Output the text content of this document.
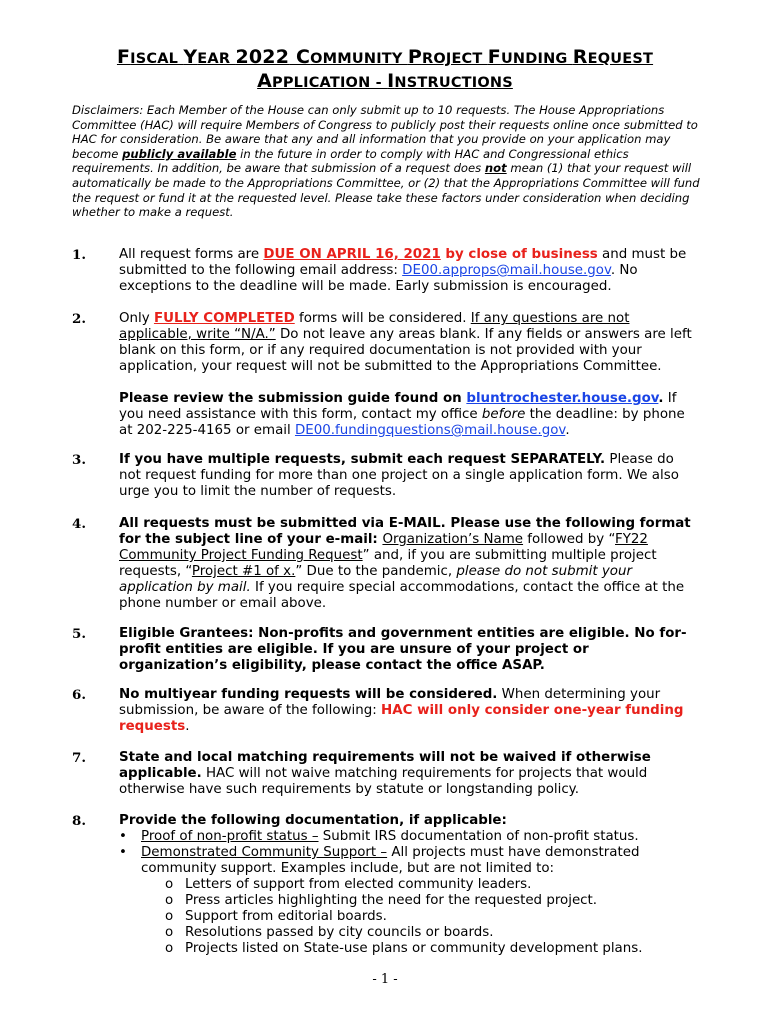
FISCAL YEAR 2022 COMMUNITY PROJECT FUNDING REQUEST
APPLICATION - INSTRUCTIONS
Disclaimers: Each Member of the House can only submit up to 10 requests. The House Appropriations Committee (HAC) will require Members of Congress to publicly post their requests online once submitted to HAC for consideration. Be aware that any and all information that you provide on your application may become publicly available in the future in order to comply with HAC and Congressional ethics requirements. In addition, be aware that submission of a request does not mean (1) that your request will automatically be made to the Appropriations Committee, or (2) that the Appropriations Committee will fund the request or fund it at the requested level. Please take these factors under consideration when deciding whether to make a request.
1. All request forms are DUE ON APRIL 16, 2021 by close of business and must be submitted to the following email address: DE00.approps@mail.house.gov. No exceptions to the deadline will be made. Early submission is encouraged.
2. Only FULLY COMPLETED forms will be considered. If any questions are not applicable, write “N/A.” Do not leave any areas blank. If any fields or answers are left blank on this form, or if any required documentation is not provided with your application, your request will not be submitted to the Appropriations Committee.
Please review the submission guide found on bluntrochester.house.gov. If you need assistance with this form, contact my office before the deadline: by phone at 202-225-4165 or email DE00.fundingquestions@mail.house.gov.
3. If you have multiple requests, submit each request SEPARATELY. Please do not request funding for more than one project on a single application form. We also urge you to limit the number of requests.
4. All requests must be submitted via E-MAIL. Please use the following format for the subject line of your e-mail: Organization’s Name followed by “FY22 Community Project Funding Request” and, if you are submitting multiple project requests, “Project #1 of x.” Due to the pandemic, please do not submit your application by mail. If you require special accommodations, contact the office at the phone number or email above.
5. Eligible Grantees: Non-profits and government entities are eligible. No for-profit entities are eligible. If you are unsure of your project or organization’s eligibility, please contact the office ASAP.
6. No multiyear funding requests will be considered. When determining your submission, be aware of the following: HAC will only consider one-year funding requests.
7. State and local matching requirements will not be waived if otherwise applicable. HAC will not waive matching requirements for projects that would otherwise have such requirements by statute or longstanding policy.
8. Provide the following documentation, if applicable:
• Proof of non-profit status – Submit IRS documentation of non-profit status.
• Demonstrated Community Support – All projects must have demonstrated community support. Examples include, but are not limited to:
o Letters of support from elected community leaders.
o Press articles highlighting the need for the requested project.
o Support from editorial boards.
o Resolutions passed by city councils or boards.
o Projects listed on State-use plans or community development plans.
- 1 -
